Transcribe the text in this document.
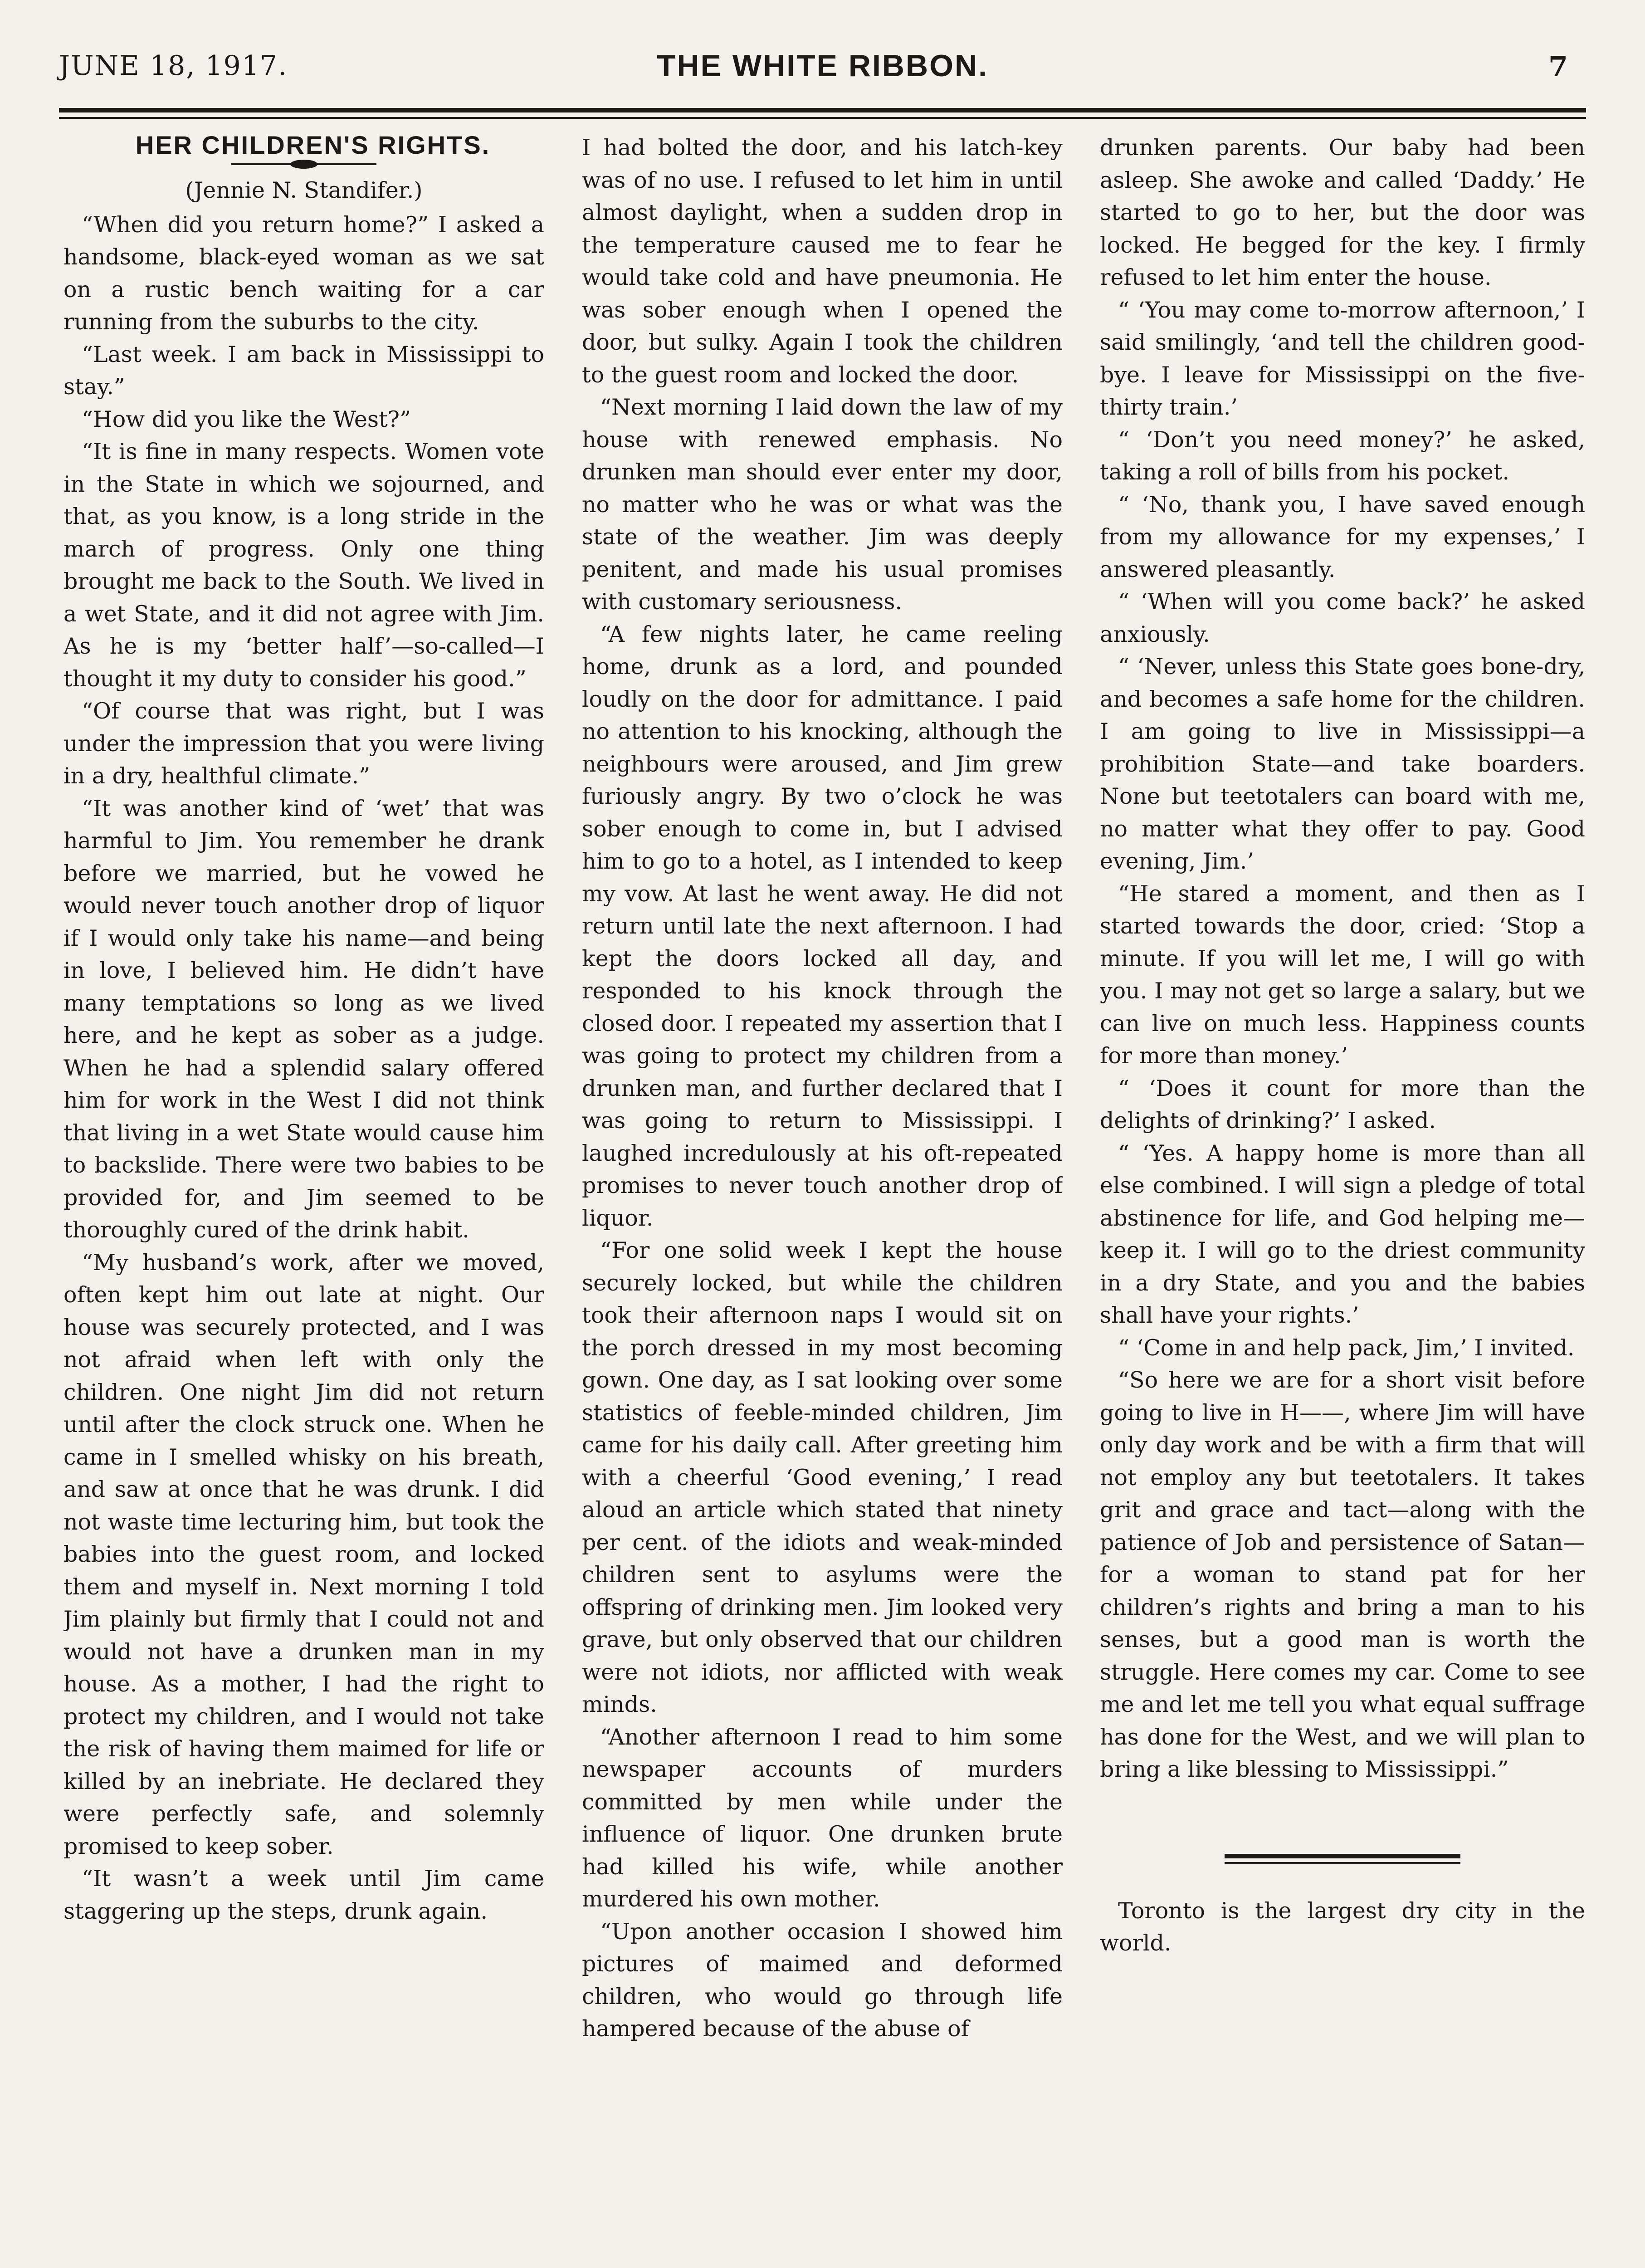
JUNE 18, 1917.	THE WHITE RIBBON.	7

HER CHILDREN'S RIGHTS.

(Jennie N. Standifer.)

“When did you return home?” I asked a handsome, black-eyed woman as we sat on a rustic bench waiting for a car running from the suburbs to the city.

“Last week. I am back in Mississippi to stay.”

“How did you like the West?”

“It is fine in many respects. Women vote in the State in which we sojourned, and that, as you know, is a long stride in the march of progress. Only one thing brought me back to the South. We lived in a wet State, and it did not agree with Jim. As he is my ‘better half’—so-called—I thought it my duty to consider his good.”

“Of course that was right, but I was under the impression that you were living in a dry, healthful climate.”

“It was another kind of ‘wet’ that was harmful to Jim. You remember he drank before we married, but he vowed he would never touch another drop of liquor if I would only take his name—and being in love, I believed him. He didn’t have many temptations so long as we lived here, and he kept as sober as a judge. When he had a splendid salary offered him for work in the West I did not think that living in a wet State would cause him to backslide. There were two babies to be provided for, and Jim seemed to be thoroughly cured of the drink habit.

“My husband’s work, after we moved, often kept him out late at night. Our house was securely protected, and I was not afraid when left with only the children. One night Jim did not return until after the clock struck one. When he came in I smelled whisky on his breath, and saw at once that he was drunk. I did not waste time lecturing him, but took the babies into the guest room, and locked them and myself in. Next morning I told Jim plainly but firmly that I could not and would not have a drunken man in my house. As a mother, I had the right to protect my children, and I would not take the risk of having them maimed for life or killed by an inebriate. He declared they were perfectly safe, and solemnly promised to keep sober.

“It wasn’t a week until Jim came staggering up the steps, drunk again.

I had bolted the door, and his latch-key was of no use. I refused to let him in until almost daylight, when a sudden drop in the temperature caused me to fear he would take cold and have pneumonia. He was sober enough when I opened the door, but sulky. Again I took the children to the guest room and locked the door.

“Next morning I laid down the law of my house with renewed emphasis. No drunken man should ever enter my door, no matter who he was or what was the state of the weather. Jim was deeply penitent, and made his usual promises with customary seriousness.

“A few nights later, he came reeling home, drunk as a lord, and pounded loudly on the door for admittance. I paid no attention to his knocking, although the neighbours were aroused, and Jim grew furiously angry. By two o’clock he was sober enough to come in, but I advised him to go to a hotel, as I intended to keep my vow. At last he went away. He did not return until late the next afternoon. I had kept the doors locked all day, and responded to his knock through the closed door. I repeated my assertion that I was going to protect my children from a drunken man, and further declared that I was going to return to Mississippi. I laughed incredulously at his oft-repeated promises to never touch another drop of liquor.

“For one solid week I kept the house securely locked, but while the children took their afternoon naps I would sit on the porch dressed in my most becoming gown. One day, as I sat looking over some statistics of feeble-minded children, Jim came for his daily call. After greeting him with a cheerful ‘Good evening,’ I read aloud an article which stated that ninety per cent. of the idiots and weak-minded children sent to asylums were the offspring of drinking men. Jim looked very grave, but only observed that our children were not idiots, nor afflicted with weak minds.

“Another afternoon I read to him some newspaper accounts of murders committed by men while under the influence of liquor. One drunken brute had killed his wife, while another murdered his own mother.

“Upon another occasion I showed him pictures of maimed and deformed children, who would go through life hampered because of the abuse of

drunken parents. Our baby had been asleep. She awoke and called ‘Daddy.’ He started to go to her, but the door was locked. He begged for the key. I firmly refused to let him enter the house.

“ ‘You may come to-morrow afternoon,’ I said smilingly, ‘and tell the children good-bye. I leave for Mississippi on the five-thirty train.’

“ ‘Don’t you need money?’ he asked, taking a roll of bills from his pocket.

“ ‘No, thank you, I have saved enough from my allowance for my expenses,’ I answered pleasantly.

“ ‘When will you come back?’ he asked anxiously.

“ ‘Never, unless this State goes bone-dry, and becomes a safe home for the children. I am going to live in Mississippi—a prohibition State—and take boarders. None but teetotalers can board with me, no matter what they offer to pay. Good evening, Jim.’

“He stared a moment, and then as I started towards the door, cried: ‘Stop a minute. If you will let me, I will go with you. I may not get so large a salary, but we can live on much less. Happiness counts for more than money.’

“ ‘Does it count for more than the delights of drinking?’ I asked.

“ ‘Yes. A happy home is more than all else combined. I will sign a pledge of total abstinence for life, and God helping me—keep it. I will go to the driest community in a dry State, and you and the babies shall have your rights.’

“ ‘Come in and help pack, Jim,’ I invited.

“So here we are for a short visit before going to live in H——, where Jim will have only day work and be with a firm that will not employ any but teetotalers. It takes grit and grace and tact—along with the patience of Job and persistence of Satan—for a woman to stand pat for her children’s rights and bring a man to his senses, but a good man is worth the struggle. Here comes my car. Come to see me and let me tell you what equal suffrage has done for the West, and we will plan to bring a like blessing to Mississippi.”

Toronto is the largest dry city in the world.
